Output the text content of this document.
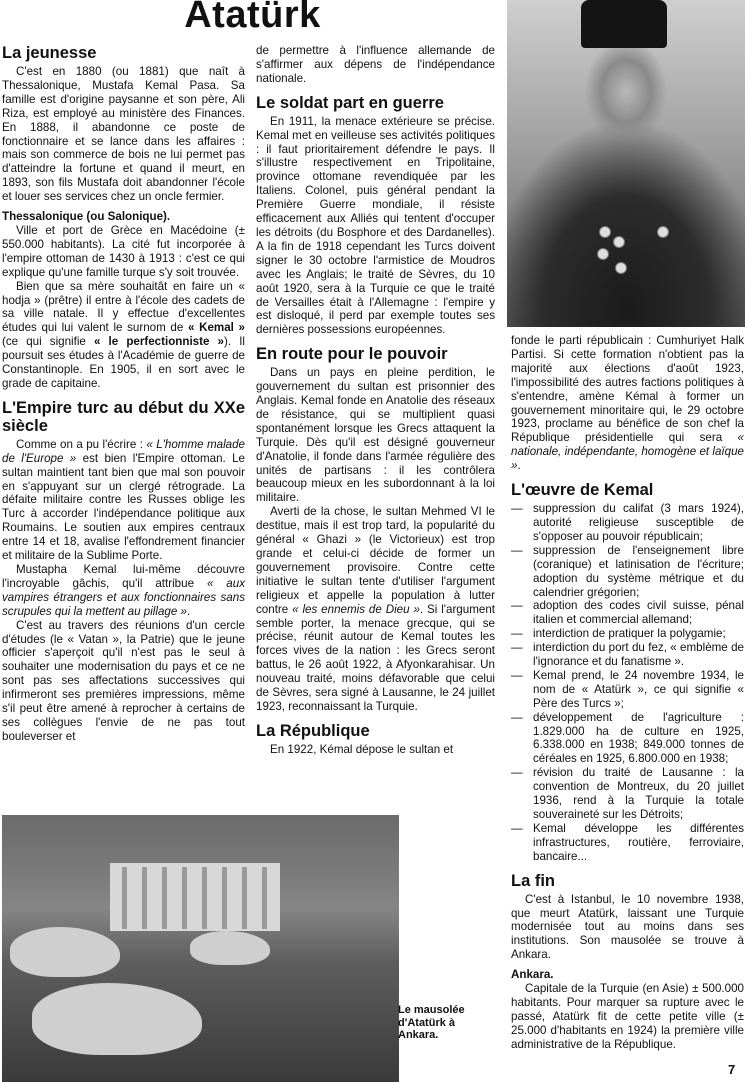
Atatürk
La jeunesse

C'est en 1880 (ou 1881) que naît à Thessalonique, Mustafa Kemal Pasa. Sa famille est d'origine paysanne et son père, Ali Riza, est employé au ministère des Finances. En 1888, il abandonne ce poste de fonctionnaire et se lance dans les affaires : mais son commerce de bois ne lui permet pas d'atteindre la fortune et quand il meurt, en 1893, son fils Mustafa doit abandonner l'école et louer ses services chez un oncle fermier.

Thessalonique (ou Salonique).

Ville et port de Grèce en Macédoine (± 550.000 habitants). La cité fut incorporée à l'empire ottoman de 1430 à 1913 : c'est ce qui explique qu'une famille turque s'y soit trouvée.

Bien que sa mère souhaitât en faire un « hodja » (prêtre) il entre à l'école des cadets de sa ville natale. Il y effectue d'excellentes études qui lui valent le surnom de « Kemal » (ce qui signifie « le perfectionniste »). Il poursuit ses études à l'Académie de guerre de Constantinople. En 1905, il en sort avec le grade de capitaine.

L'Empire turc au début du XXe siècle

Comme on a pu l'écrire : « L'homme malade de l'Europe » est bien l'Empire ottoman. Le sultan maintient tant bien que mal son pouvoir en s'appuyant sur un clergé rétrograde. La défaite militaire contre les Russes oblige les Turc à accorder l'indépendance politique aux Roumains. Le soutien aux empires centraux entre 14 et 18, avalise l'effondrement financier et militaire de la Sublime Porte.

Mustapha Kemal lui-même découvre l'incroyable gâchis, qu'il attribue « aux vampires étrangers et aux fonctionnaires sans scrupules qui la mettent au pillage ».

C'est au travers des réunions d'un cercle d'études (le « Vatan », la Patrie) que le jeune officier s'aperçoit qu'il n'est pas le seul à souhaiter une modernisation du pays et ce ne sont pas ses affectations successives qui infirmeront ses premières impressions, même s'il peut être amené à reprocher à certains de ses collègues l'envie de ne pas tout bouleverser et

de permettre à l'influence allemande de s'affirmer aux dépens de l'indépendance nationale.

Le soldat part en guerre

En 1911, la menace extérieure se précise. Kemal met en veilleuse ses activités politiques : il faut prioritairement défendre le pays. Il s'illustre respectivement en Tripolitaine, province ottomane revendiquée par les Italiens. Colonel, puis général pendant la Première Guerre mondiale, il résiste efficacement aux Alliés qui tentent d'occuper les détroits (du Bosphore et des Dardanelles). A la fin de 1918 cependant les Turcs doivent signer le 30 octobre l'armistice de Moudros avec les Anglais; le traité de Sèvres, du 10 août 1920, sera à la Turquie ce que le traité de Versailles était à l'Allemagne : l'empire y est disloqué, il perd par exemple toutes ses dernières possessions européennes.

En route pour le pouvoir

Dans un pays en pleine perdition, le gouvernement du sultan est prisonnier des Anglais. Kemal fonde en Anatolie des réseaux de résistance, qui se multiplient quasi spontanément lorsque les Grecs attaquent la Turquie. Dès qu'il est désigné gouverneur d'Anatolie, il fonde dans l'armée régulière des unités de partisans : il les contrôlera beaucoup mieux en les subordonnant à la loi militaire.

Averti de la chose, le sultan Mehmed VI le destitue, mais il est trop tard, la popularité du général « Ghazi » (le Victorieux) est trop grande et celui-ci décide de former un gouvernement provisoire. Contre cette initiative le sultan tente d'utiliser l'argument religieux et appelle la population à lutter contre « les ennemis de Dieu ». Si l'argument semble porter, la menace grecque, qui se précise, réunit autour de Kemal toutes les forces vives de la nation : les Grecs seront battus, le 26 août 1922, à Afyonkarahisar. Un nouveau traité, moins défavorable que celui de Sèvres, sera signé à Lausanne, le 24 juillet 1923, reconnaissant la Turquie.

La République

En 1922, Kémal dépose le sultan et

fonde le parti républicain : Cumhuriyet Halk Partisi. Si cette formation n'obtient pas la majorité aux élections d'août 1923, l'impossibilité des autres factions politiques à s'entendre, amène Kémal à former un gouvernement minoritaire qui, le 29 octobre 1923, proclame au bénéfice de son chef la République présidentielle qui sera « nationale, indépendante, homogène et laïque ».

L'œuvre de Kemal
— suppression du califat (3 mars 1924), autorité religieuse susceptible de s'opposer au pouvoir républicain;
— suppression de l'enseignement libre (coranique) et latinisation de l'écriture; adoption du système métrique et du calendrier grégorien;
— adoption des codes civil suisse, pénal italien et commercial allemand;
— interdiction de pratiquer la polygamie;
— interdiction du port du fez, « emblème de l'ignorance et du fanatisme ».
— Kemal prend, le 24 novembre 1934, le nom de « Atatürk », ce qui signifie « Père des Turcs »;
— développement de l'agriculture : 1.829.000 ha de culture en 1925, 6.338.000 en 1938; 849.000 tonnes de céréales en 1925, 6.800.000 en 1938;
— révision du traité de Lausanne : la convention de Montreux, du 20 juillet 1936, rend à la Turquie la totale souveraineté sur les Détroits;
— Kemal développe les différentes infrastructures, routière, ferroviaire, bancaire...
La fin

C'est à Istanbul, le 10 novembre 1938, que meurt Atatürk, laissant une Turquie modernisée tout au moins dans ses institutions. Son mausolée se trouve à Ankara.

Ankara.

Capitale de la Turquie (en Asie) ± 500.000 habitants. Pour marquer sa rupture avec le passé, Atatürk fit de cette petite ville (± 25.000 d'habitants en 1924) la première ville administrative de la République.

Le mausolée d'Atatürk à Ankara.
7
